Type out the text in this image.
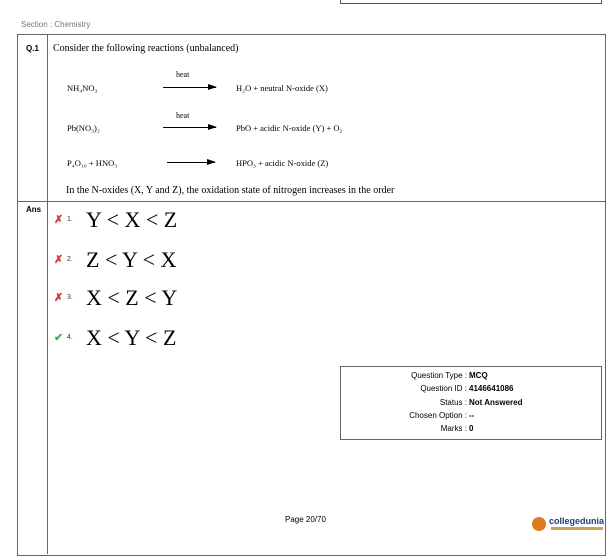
Section : Chemistry
Q.1 Consider the following reactions (unbalanced)
heat
NH₄NO₃	→ H₂O + neutral N-oxide (X)
heat
Pb(NO₃)₂	→ PbO + acidic N-oxide (Y) + O₂
P₄O₁₀ + HNO₃	→ HPO₃ + acidic N-oxide (Z)
In the N-oxides (X, Y and Z), the oxidation state of nitrogen increases in the order
Ans
✗ 1. Y < X < Z
✗ 2. Z < Y < X
✗ 3. X < Z < Y
✔ 4. X < Y < Z
Question Type : MCQ
Question ID : 4146641086
Status : Not Answered
Chosen Option : --
Marks : 0
Page 20/70	collegedunia
